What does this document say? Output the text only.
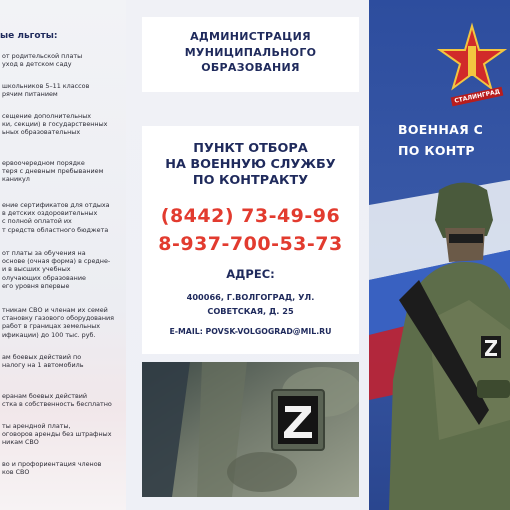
ые льготы:
от родительской платы
уход в детском саду
школьников 5–11 классов
рячим питанием
сещение дополнительных
ки, секции) в государственных
ьных образовательных
ервоочередном порядке
теря с дневным пребыванием
каникул
ение сертификатов для отдыха
в детских оздоровительных
с полной оплатой их
т средств областного бюджета
от платы за обучения на
основе (очная форма) в средне-
и в высших учебных
олучающих образование
его уровня впервые
тникам СВО и членам их семей
становку газового оборудования
работ в границах земельных
ификации) до 100 тыс. руб.
ам боевых действий по
налогу на 1 автомобиль
еранам боевых действий
стка в собственность бесплатно
ты арендной платы,
оговоров аренды без штрафных
никам СВО
во и профориентация членов
ков СВО
АДМИНИСТРАЦИЯ
МУНИЦИПАЛЬНОГО
ОБРАЗОВАНИЯ
ПУНКТ ОТБОРА
НА ВОЕННУЮ СЛУЖБУ
ПО КОНТРАКТУ
(8442) 73-49-96
8-937-700-53-73
АДРЕС:
400066, Г.ВОЛГОГРАД, УЛ.
СОВЕТСКАЯ, Д. 25
E-MAIL: POVSK-VOLGOGRAD@MIL.RU
СТАЛИНГРАД
ВОЕННАЯ С
ПО КОНТР
